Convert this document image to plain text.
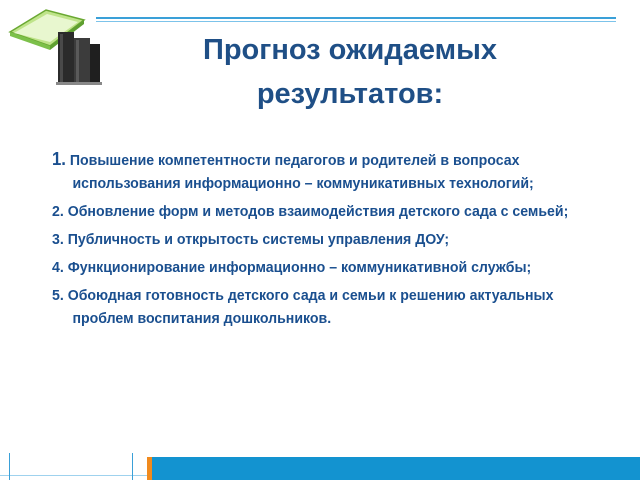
Прогноз ожидаемых
результатов:
1. Повышение компетентности педагогов и родителей в вопросах использования информационно – коммуникативных технологий;
2. Обновление форм и методов взаимодействия детского сада с семьей;
3. Публичность и открытость системы управления ДОУ;
4. Функционирование информационно – коммуникативной службы;
5. Обоюдная готовность детского сада и семьи к решению актуальных проблем воспитания дошкольников.
